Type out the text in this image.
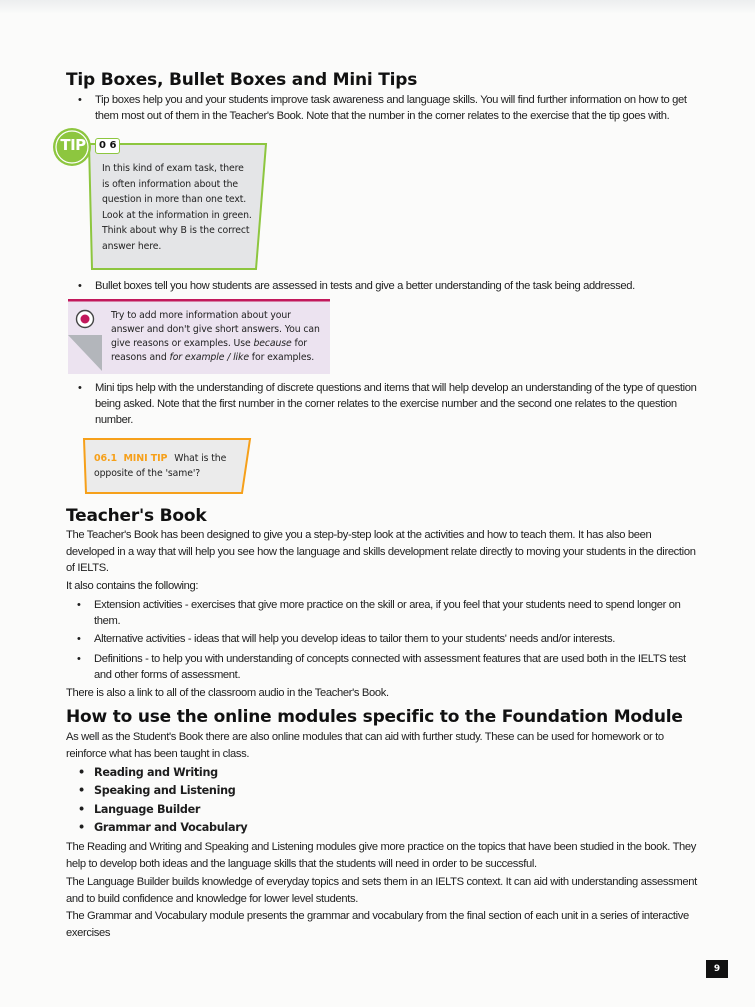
Tip Boxes, Bullet Boxes and Mini Tips
• Tip boxes help you and your students improve task awareness and language skills. You will find further information on how to get them most out of them in the Teacher's Book. Note that the number in the corner relates to the exercise that the tip goes with.
TIP	0 6
In this kind of exam task, there is often information about the question in more than one text. Look at the information in green. Think about why B is the correct answer here.
• Bullet boxes tell you how students are assessed in tests and give a better understanding of the task being addressed.
Try to add more information about your
answer and don't give short answers. You can
give reasons or examples. Use because for
reasons and for example / like for examples.
• Mini tips help with the understanding of discrete questions and items that will help develop an understanding of the type of question being asked. Note that the first number in the corner relates to the exercise number and the second one relates to the question number.
06.1  MINI TIP What is the
opposite of the 'same'?
Teacher's Book
The Teacher's Book has been designed to give you a step-by-step look at the activities and how to teach them. It has also been developed in a way that will help you see how the language and skills development relate directly to moving your students in the direction of IELTS.
It also contains the following:
• Extension activities - exercises that give more practice on the skill or area, if you feel that your students need to spend longer on them.
• Alternative activities - ideas that will help you develop ideas to tailor them to your students' needs and/or interests.
• Definitions - to help you with understanding of concepts connected with assessment features that are used both in the IELTS test and other forms of assessment.
There is also a link to all of the classroom audio in the Teacher's Book.
How to use the online modules specific to the Foundation Module
As well as the Student's Book there are also online modules that can aid with further study. These can be used for homework or to reinforce what has been taught in class.
• Reading and Writing
• Speaking and Listening
• Language Builder
• Grammar and Vocabulary
The Reading and Writing and Speaking and Listening modules give more practice on the topics that have been studied in the book. They help to develop both ideas and the language skills that the students will need in order to be successful.
The Language Builder builds knowledge of everyday topics and sets them in an IELTS context. It can aid with understanding assessment and to build confidence and knowledge for lower level students.
The Grammar and Vocabulary module presents the grammar and vocabulary from the final section of each unit in a series of interactive exercises
9
